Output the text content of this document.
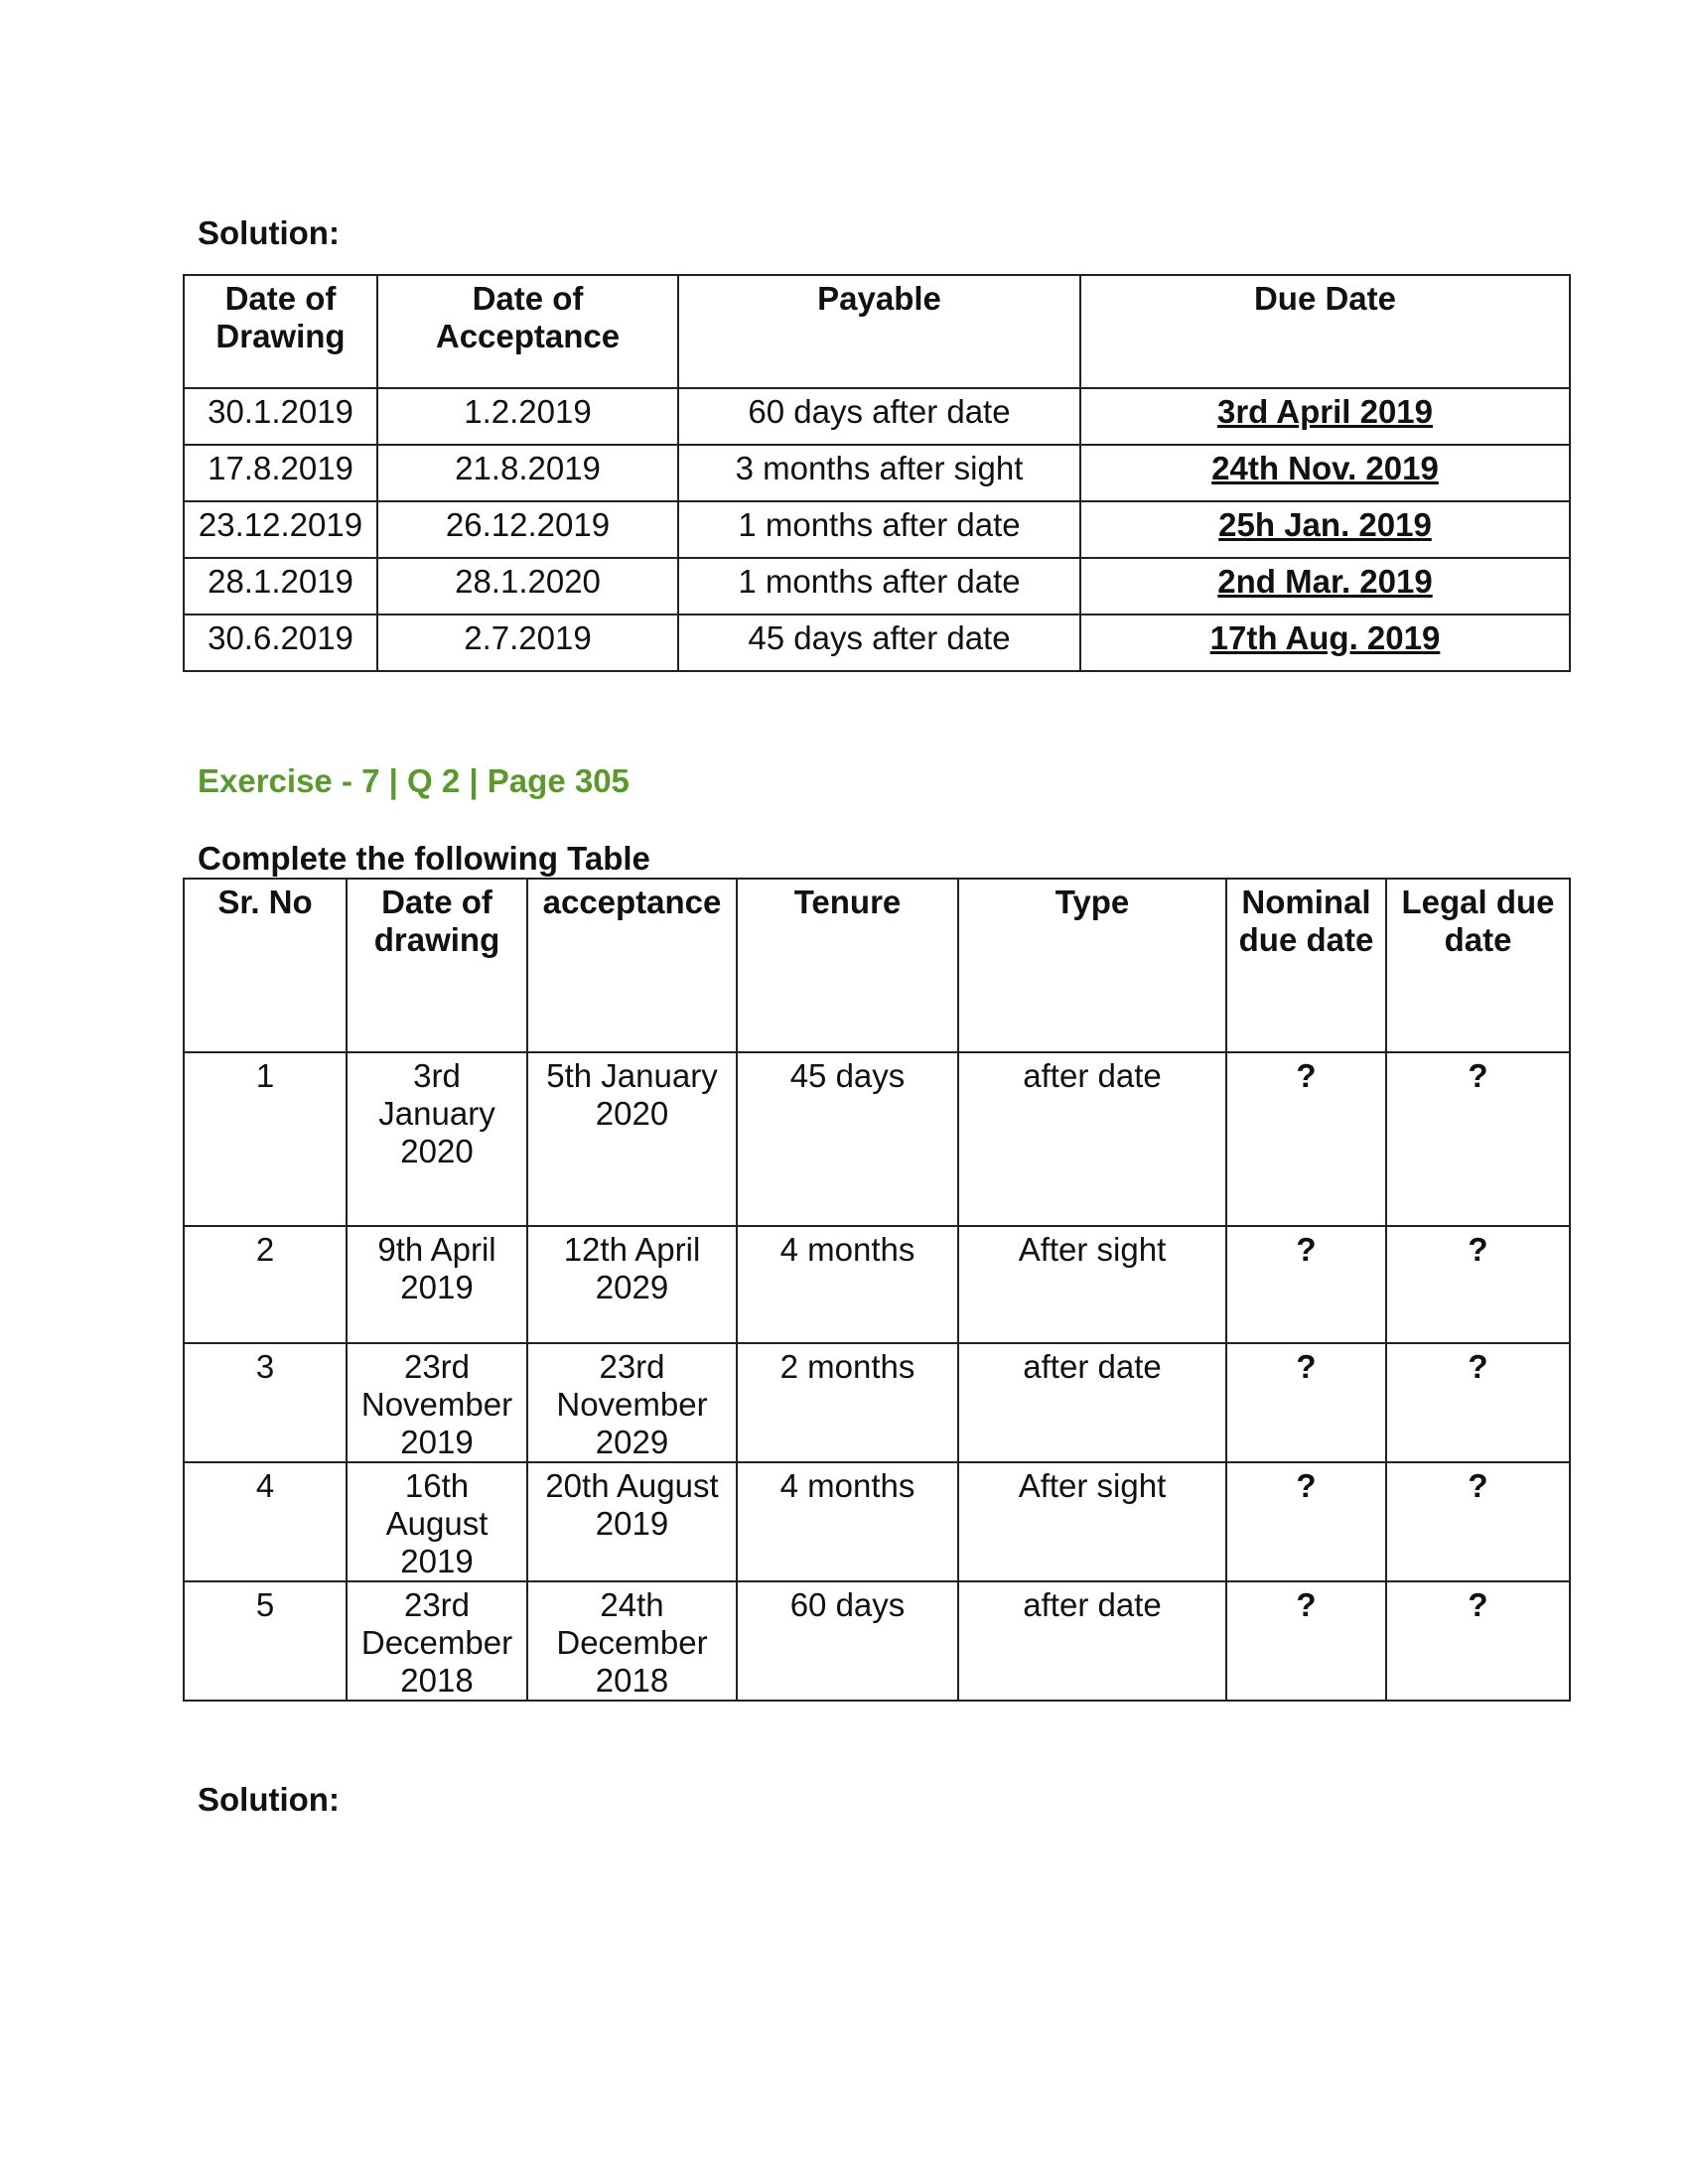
Solution:
Date of Drawing	Date of Acceptance	Payable	Due Date
30.1.2019	1.2.2019	60 days after date	3rd April 2019
17.8.2019	21.8.2019	3 months after sight	24th Nov. 2019
23.12.2019	26.12.2019	1 months after date	25h Jan. 2019
28.1.2019	28.1.2020	1 months after date	2nd Mar. 2019
30.6.2019	2.7.2019	45 days after date	17th Aug. 2019
Exercise - 7 | Q 2 | Page 305
Complete the following Table
Sr. No	Date of drawing	acceptance	Tenure	Type	Nominal due date	Legal due date
1	3rd January 2020	5th January 2020	45 days	after date	?	?
2	9th April 2019	12th April 2029	4 months	After sight	?	?
3	23rd November 2019	23rd November 2029	2 months	after date	?	?
4	16th August 2019	20th August 2019	4 months	After sight	?	?
5	23rd December 2018	24th December 2018	60 days	after date	?	?
Solution:
